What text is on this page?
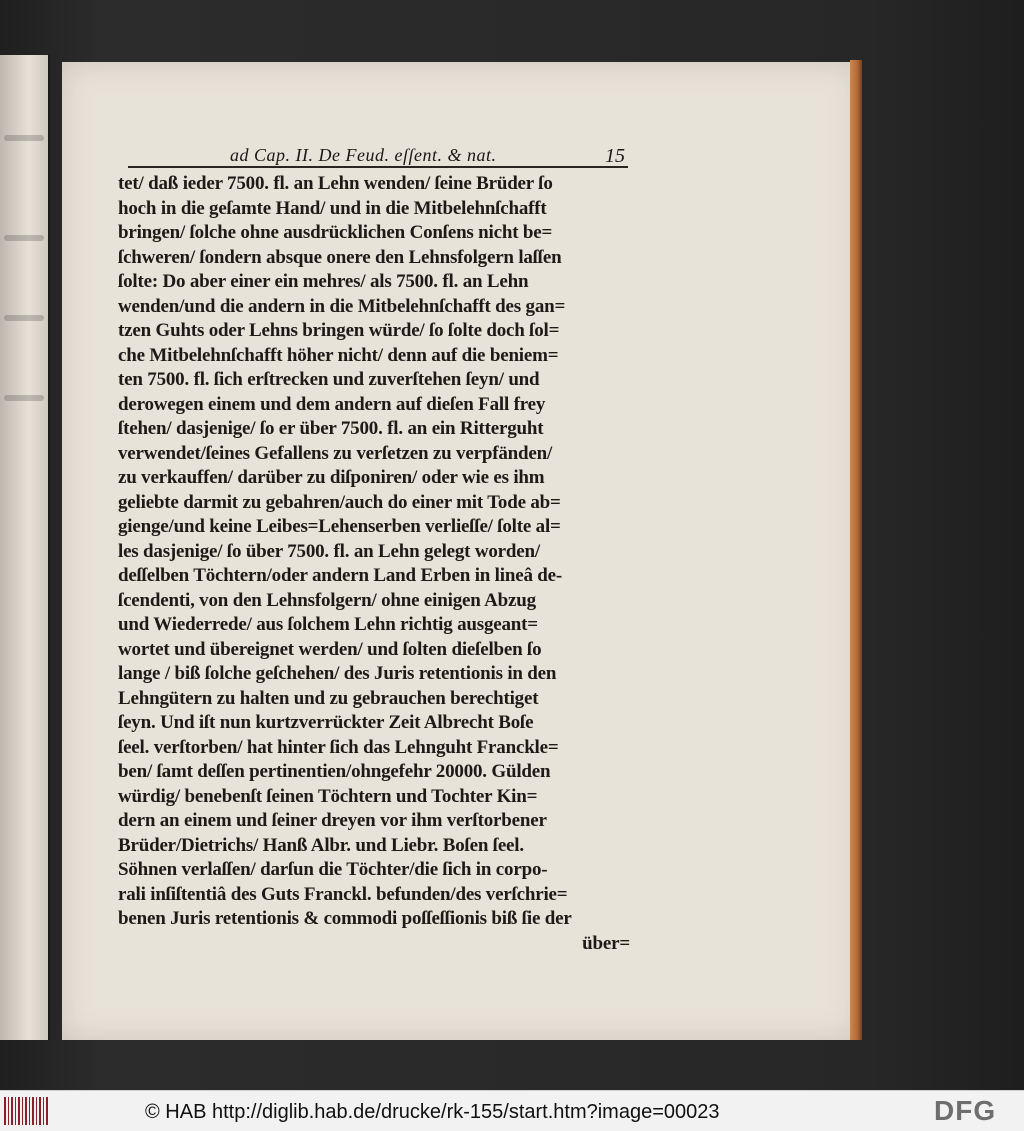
ad Cap. II. De Feud. eſſent. & nat.	15
tet/ daß ieder 7500. fl. an Lehn wenden/ ſeine Brüder ſo
hoch in die geſamte Hand/ und in die Mitbelehnſchafft
bringen/ ſolche ohne ausdrücklichen Conſens nicht be=
ſchweren/ ſondern absque onere den Lehnsfolgern laſſen
ſolte: Do aber einer ein mehres/ als 7500. fl. an Lehn
wenden/und die andern in die Mitbelehnſchafft des gan=
tzen Guhts oder Lehns bringen würde/ ſo ſolte doch ſol=
che Mitbelehnſchafft höher nicht/ denn auf die beniem=
ten 7500. fl. ſich erſtrecken und zuverſtehen ſeyn/ und
derowegen einem und dem andern auf dieſen Fall frey
ſtehen/ dasjenige/ ſo er über 7500. fl. an ein Ritterguht
verwendet/ſeines Gefallens zu verſetzen zu verpfänden/
zu verkauffen/ darüber zu diſponiren/ oder wie es ihm
geliebte darmit zu gebahren/auch do einer mit Tode ab=
gienge/und keine Leibes=Lehenserben verlieſſe/ ſolte al=
les dasjenige/ ſo über 7500. fl. an Lehn gelegt worden/
deſſelben Töchtern/oder andern Land Erben in lineâ de-
ſcendenti, von den Lehnsfolgern/ ohne einigen Abzug
und Wiederrede/ aus ſolchem Lehn richtig ausgeant=
wortet und übereignet werden/ und ſolten dieſelben ſo
lange / biß ſolche geſchehen/ des Juris retentionis in den
Lehngütern zu halten und zu gebrauchen berechtiget
ſeyn. Und iſt nun kurtzverrückter Zeit Albrecht Boſe
ſeel. verſtorben/ hat hinter ſich das Lehnguht Franckle=
ben/ ſamt deſſen pertinentien/ohngefehr 20000. Gülden
würdig/ benebenſt ſeinen Töchtern und Tochter Kin=
dern an einem und ſeiner dreyen vor ihm verſtorbener
Brüder/Dietrichs/ Hanß Albr. und Liebr. Boſen ſeel.
Söhnen verlaſſen/ darſun die Töchter/die ſich in corpo-
rali inſiſtentiâ des Guts Franckl. befunden/des verſchrie=
benen Juris retentionis & commodi poſſeſſionis biß ſie der
über=
© HAB http://diglib.hab.de/drucke/rk-155/start.htm?image=00023	DFG
